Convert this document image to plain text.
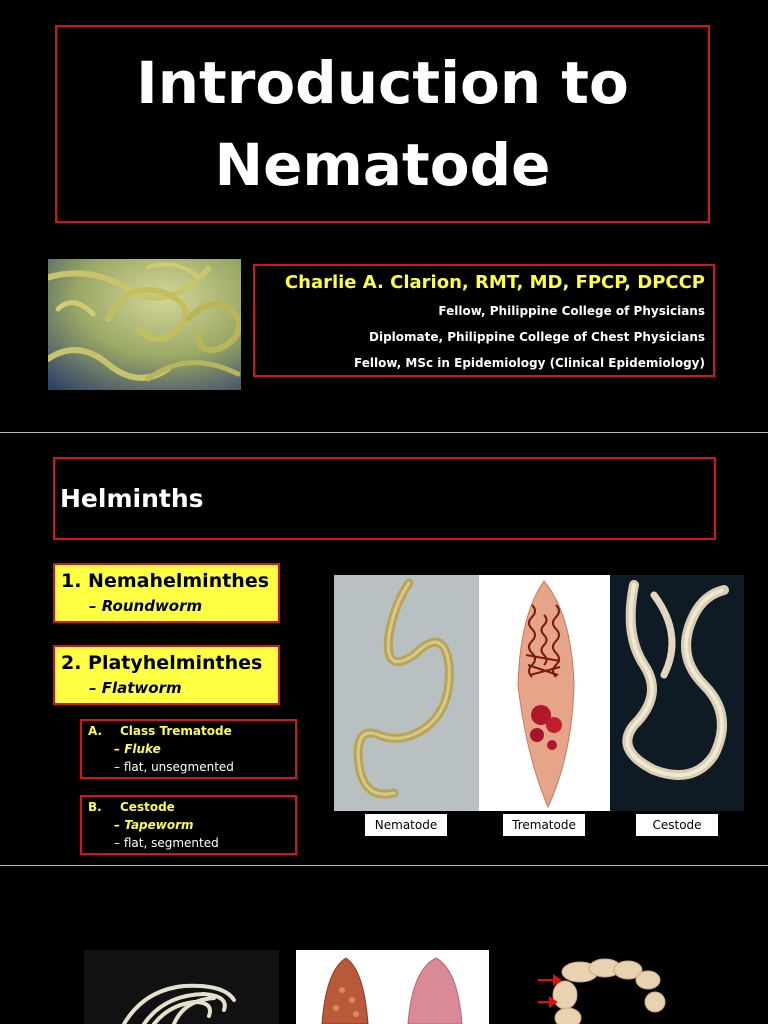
Introduction to
Nematode
Charlie A. Clarion, RMT, MD, FPCP, DPCCP
Fellow, Philippine College of Physicians
Diplomate, Philippine College of Chest Physicians
Fellow, MSc in Epidemiology (Clinical Epidemiology)
Helminths
1. Nemahelminthes
– Roundworm
2. Platyhelminthes
– Flatworm
A. Class Trematode
– Fluke
– flat, unsegmented
B. Cestode
– Tapeworm
– flat, segmented
Nematode	Trematode	Cestode
